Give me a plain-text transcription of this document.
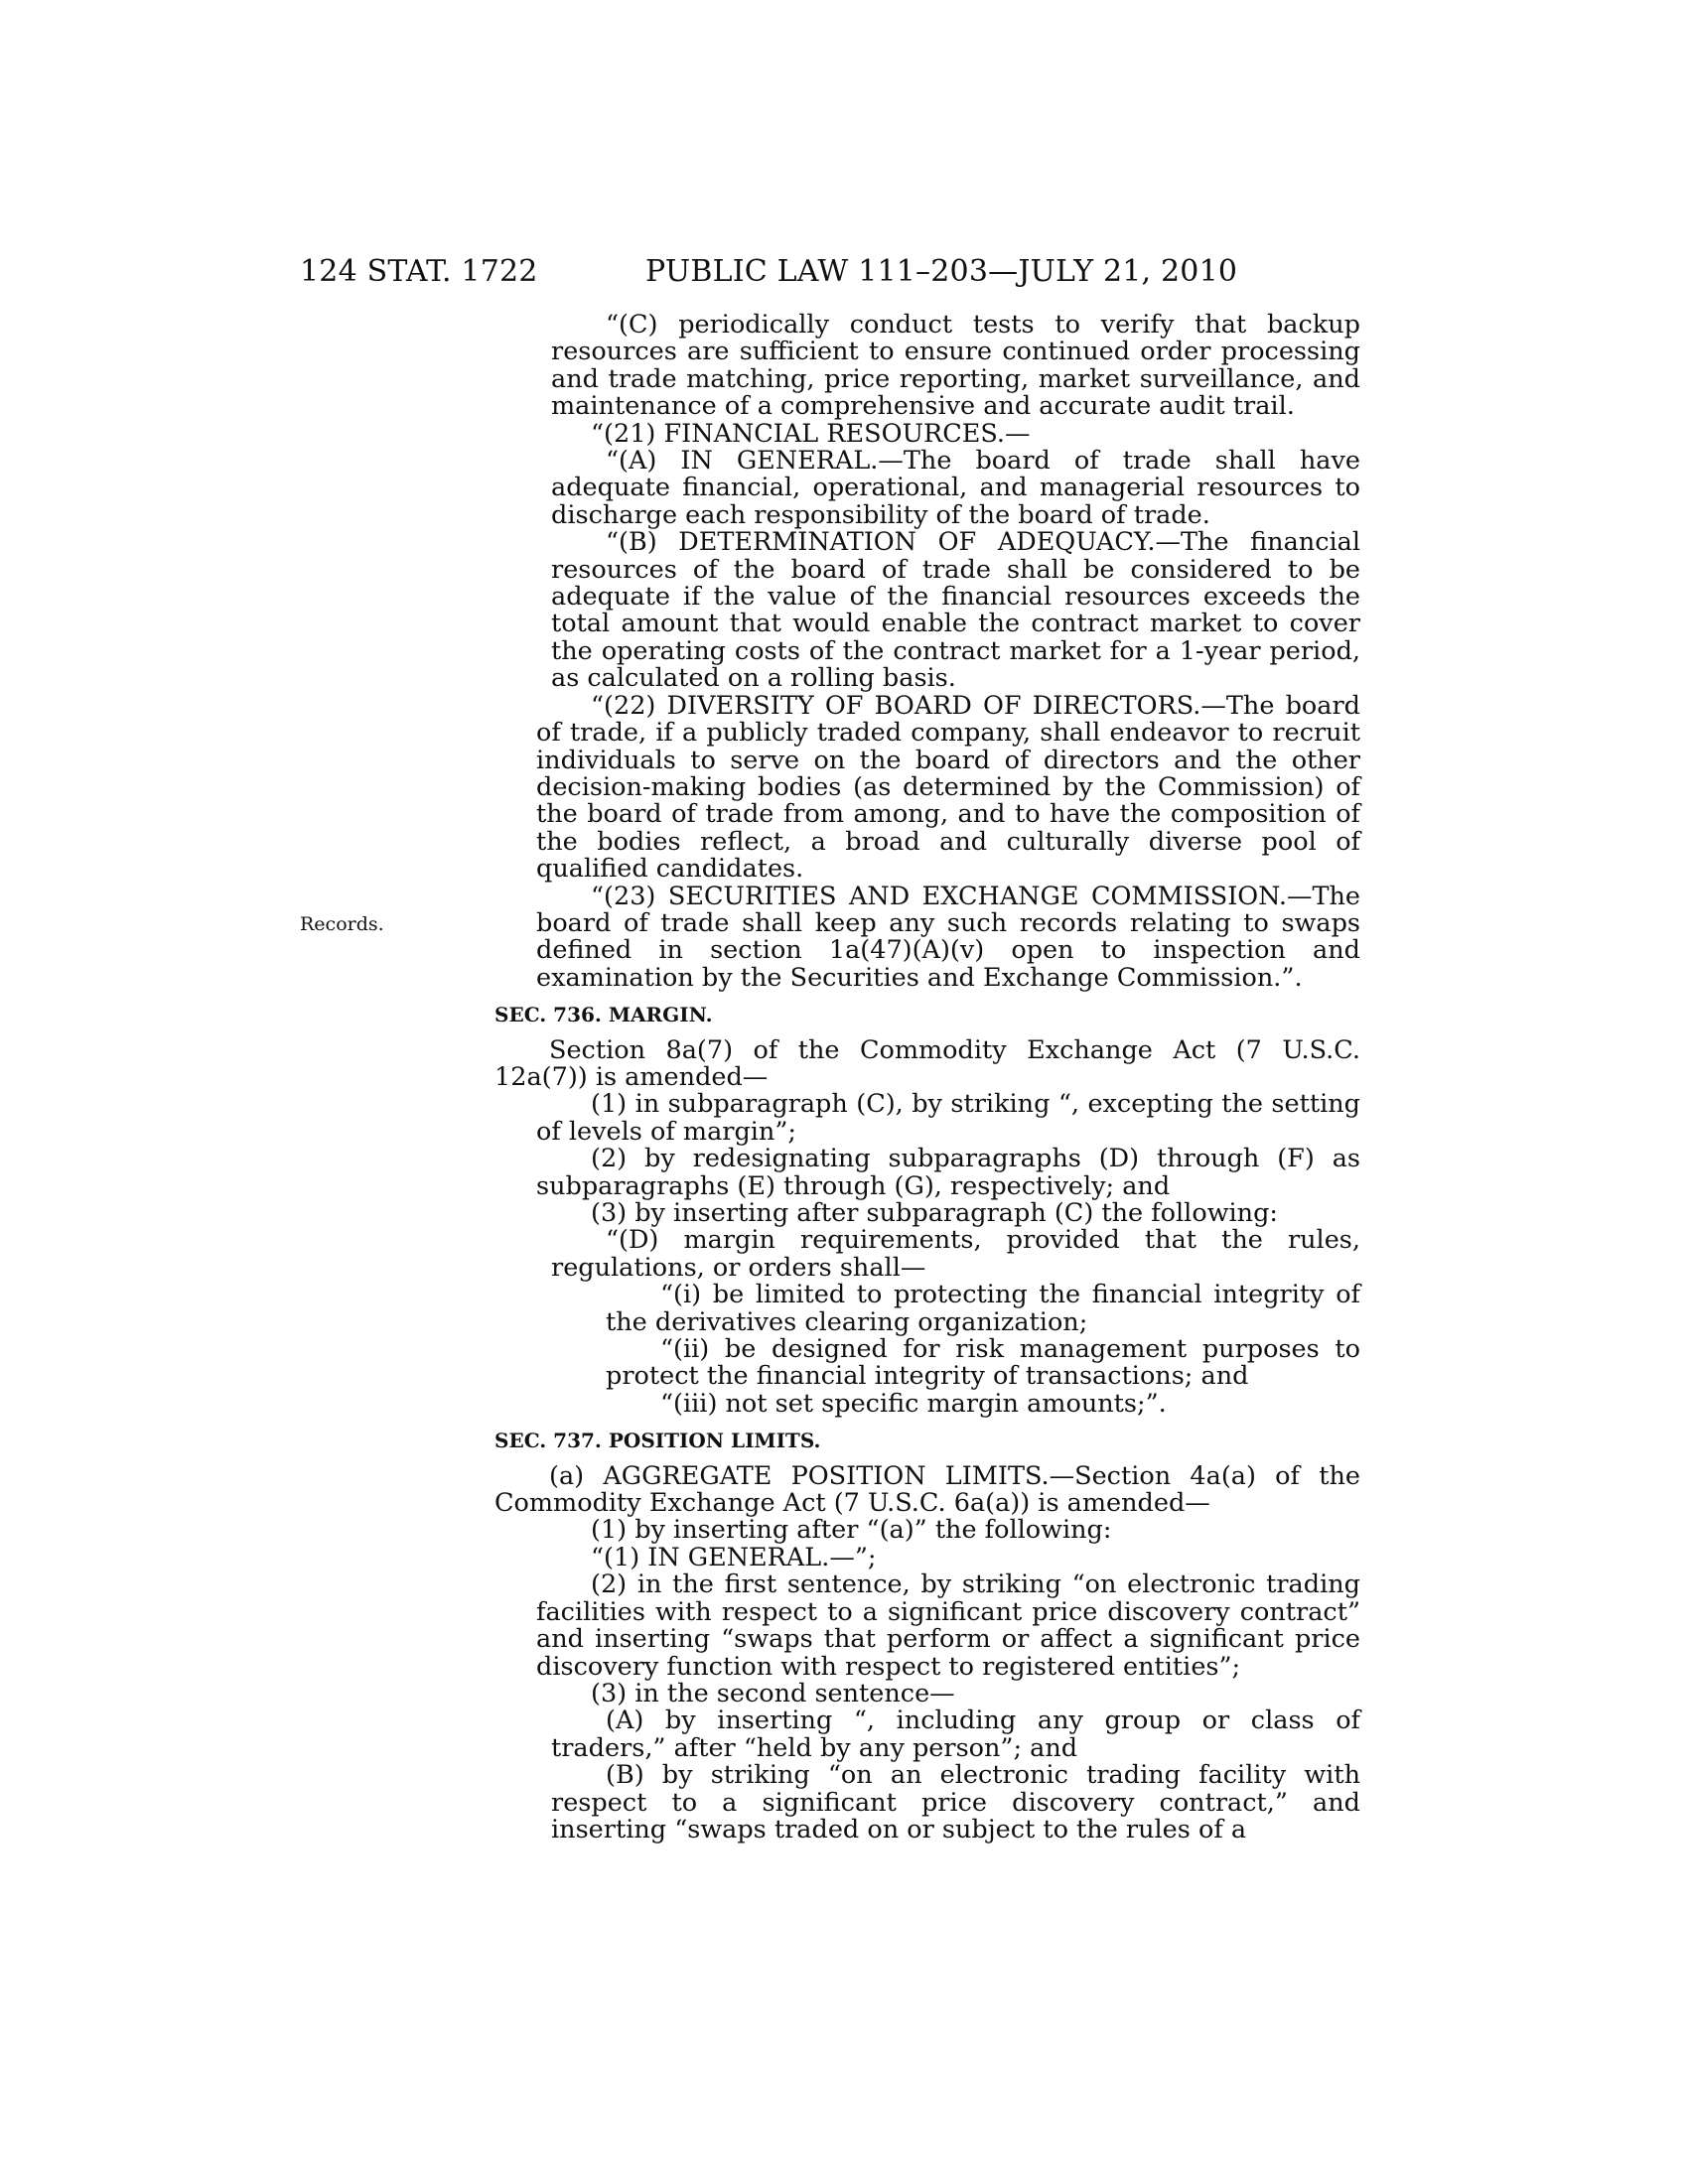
124 STAT. 1722	PUBLIC LAW 111–203—JULY 21, 2010
Records.

“(C) periodically conduct tests to verify that backup resources are sufficient to ensure continued order processing and trade matching, price reporting, market surveillance, and maintenance of a comprehensive and accurate audit trail.

“(21) FINANCIAL RESOURCES.—

“(A) IN GENERAL.—The board of trade shall have adequate financial, operational, and managerial resources to discharge each responsibility of the board of trade.

“(B) DETERMINATION OF ADEQUACY.—The financial resources of the board of trade shall be considered to be adequate if the value of the financial resources exceeds the total amount that would enable the contract market to cover the operating costs of the contract market for a 1-year period, as calculated on a rolling basis.

“(22) DIVERSITY OF BOARD OF DIRECTORS.—The board of trade, if a publicly traded company, shall endeavor to recruit individuals to serve on the board of directors and the other decision-making bodies (as determined by the Commission) of the board of trade from among, and to have the composition of the bodies reflect, a broad and culturally diverse pool of qualified candidates.

“(23) SECURITIES AND EXCHANGE COMMISSION.—The board of trade shall keep any such records relating to swaps defined in section 1a(47)(A)(v) open to inspection and examination by the Securities and Exchange Commission.”.

SEC. 736. MARGIN.

Section 8a(7) of the Commodity Exchange Act (7 U.S.C. 12a(7)) is amended—

(1) in subparagraph (C), by striking “, excepting the setting of levels of margin”;

(2) by redesignating subparagraphs (D) through (F) as subparagraphs (E) through (G), respectively; and

(3) by inserting after subparagraph (C) the following:

“(D) margin requirements, provided that the rules, regulations, or orders shall—

“(i) be limited to protecting the financial integrity of the derivatives clearing organization;

“(ii) be designed for risk management purposes to protect the financial integrity of transactions; and

“(iii) not set specific margin amounts;”.

SEC. 737. POSITION LIMITS.

(a) AGGREGATE POSITION LIMITS.—Section 4a(a) of the Commodity Exchange Act (7 U.S.C. 6a(a)) is amended—

(1) by inserting after “(a)” the following:

“(1) IN GENERAL.—”;

(2) in the first sentence, by striking “on electronic trading facilities with respect to a significant price discovery contract” and inserting “swaps that perform or affect a significant price discovery function with respect to registered entities”;

(3) in the second sentence—

(A) by inserting “, including any group or class of traders,” after “held by any person”; and

(B) by striking “on an electronic trading facility with respect to a significant price discovery contract,” and inserting “swaps traded on or subject to the rules of a
